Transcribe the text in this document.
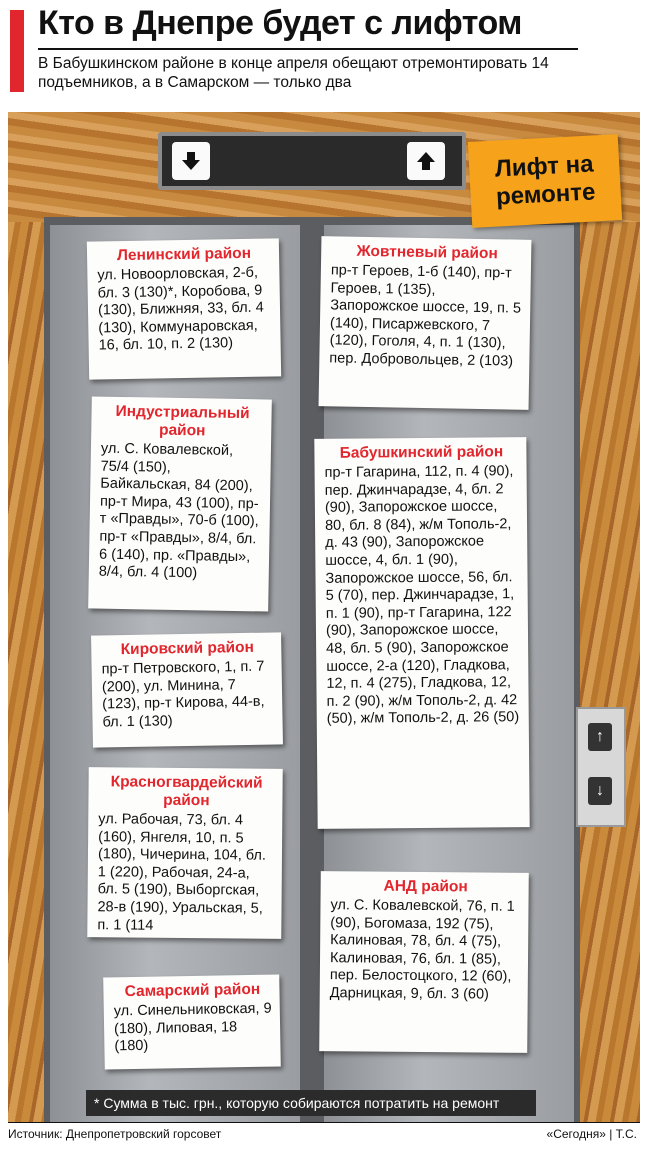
Кто в Днепре будет с лифтом
В Бабушкинском районе в конце апреля обещают отремонтировать 14 подъемников, а в Самарском — только два
↑
↓
Лифт на ремонте
Ленинский район
ул. Новоорловская, 2-б, бл. 3 (130)*, Коробова, 9 (130), Ближняя, 33, бл. 4 (130), Коммунаровская, 16, бл. 10, п. 2 (130)
Индустриальный район
ул. С. Ковалевской, 75/4 (150), Байкальская, 84 (200), пр-т Мира, 43 (100), пр-т «Правды», 70-б (100), пр-т «Правды», 8/4, бл. 6 (140), пр. «Правды», 8/4, бл. 4 (100)
Кировский район
пр-т Петровского, 1, п. 7 (200), ул. Минина, 7 (123), пр-т Кирова, 44-в, бл. 1 (130)
Красногвардейский район
ул. Рабочая, 73, бл. 4 (160), Янгеля, 10, п. 5 (180), Чичерина, 104, бл. 1 (220), Рабочая, 24-а, бл. 5 (190), Выборгская, 28-в (190), Уральская, 5, п. 1 (114
Самарский район
ул. Синельниковская, 9 (180), Липовая, 18 (180)
Жовтневый район
пр-т Героев, 1-б (140), пр-т Героев, 1 (135), Запорожское шоссе, 19, п. 5 (140), Писаржевского, 7 (120), Гоголя, 4, п. 1 (130), пер. Добровольцев, 2 (103)
Бабушкинский район
пр-т Гагарина, 112, п. 4 (90), пер. Джинчарадзе, 4, бл. 2 (90), Запорожское шоссе, 80, бл. 8 (84), ж/м Тополь-2, д. 43 (90), Запорожское шоссе, 4, бл. 1 (90), Запорожское шоссе, 56, бл. 5 (70), пер. Джинчарадзе, 1, п. 1 (90), пр-т Гагарина, 122 (90), Запорожское шоссе, 48, бл. 5 (90), Запорожское шоссе, 2-а (120), Гладкова, 12, п. 4 (275), Гладкова, 12, п. 2 (90), ж/м Тополь-2, д. 42 (50), ж/м Тополь-2, д. 26 (50)
АНД район
ул. С. Ковалевской, 76, п. 1 (90), Богомаза, 192 (75), Калиновая, 78, бл. 4 (75), Калиновая, 76, бл. 1 (85), пер. Белостоцкого, 12 (60), Дарницкая, 9, бл. 3 (60)
* Сумма в тыс. грн., которую собираются потратить на ремонт
Источник: Днепропетровский горсовет	«Сегодня» | Т.С.
